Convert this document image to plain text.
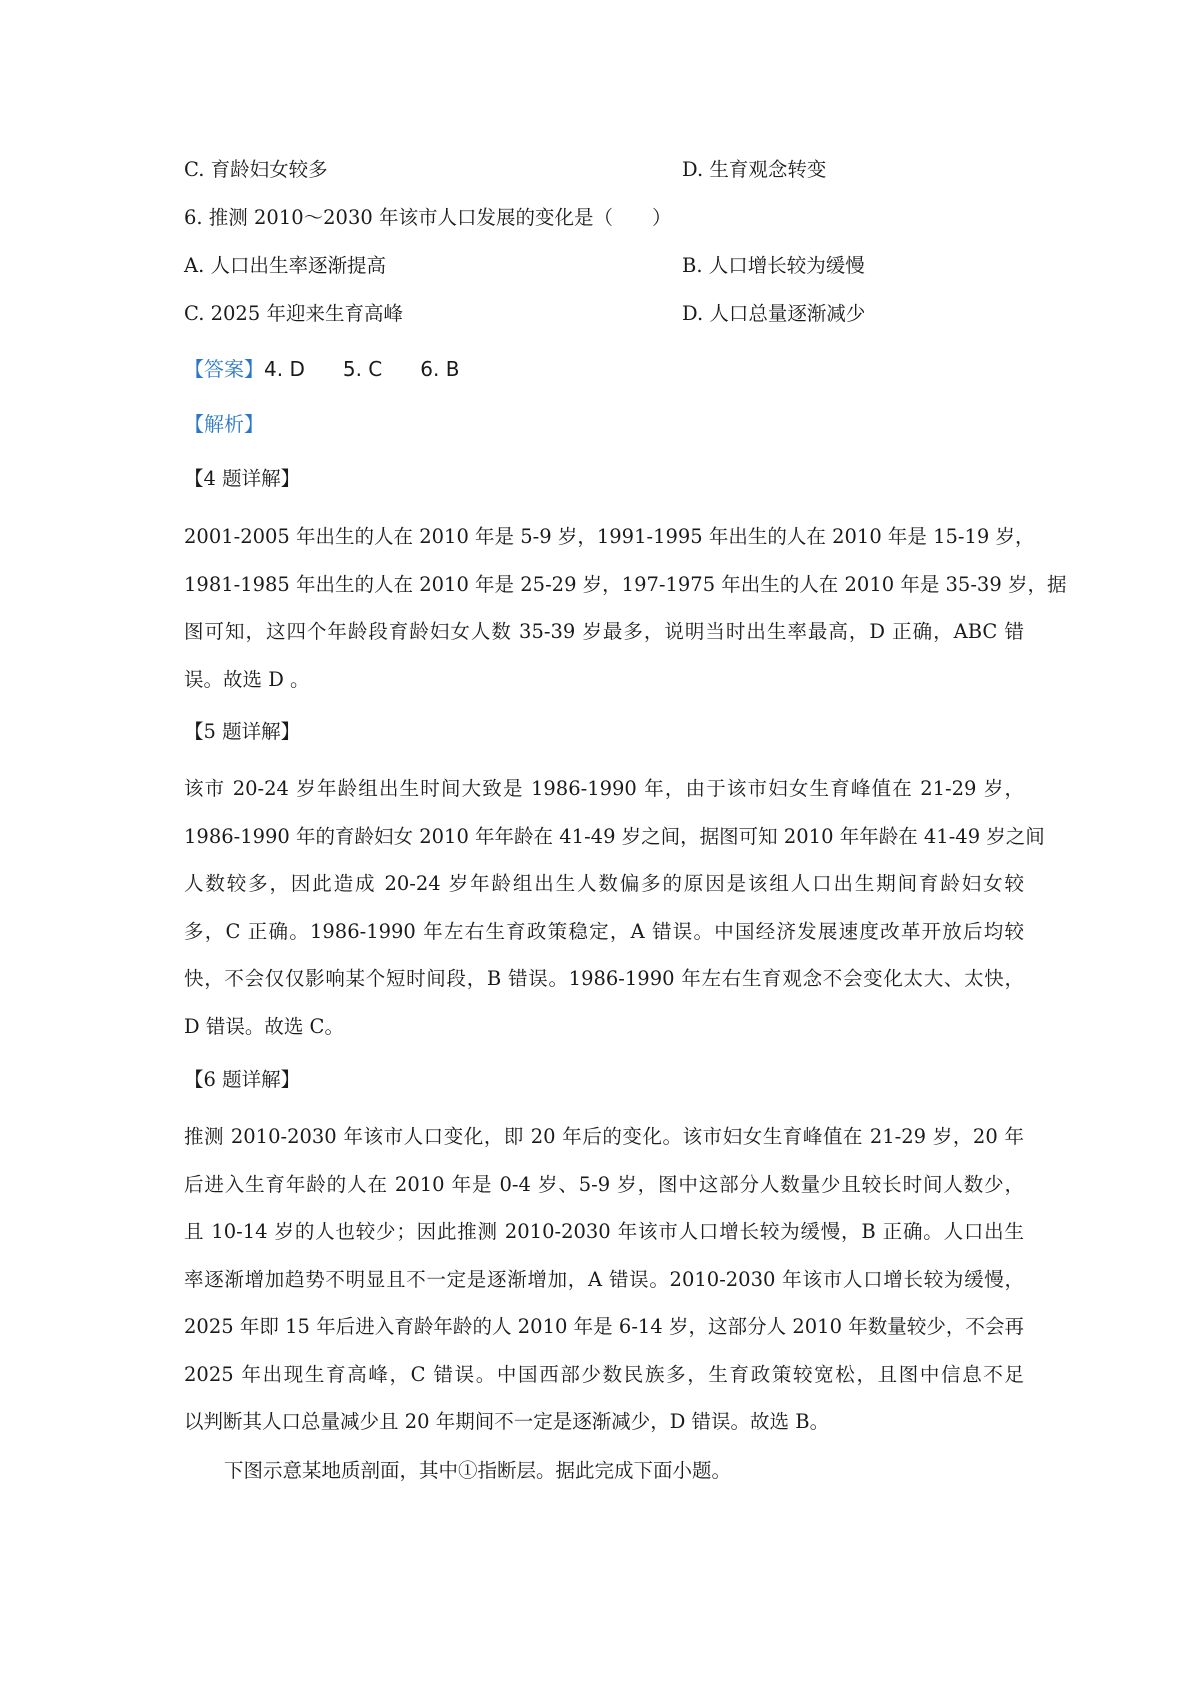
C. 育龄妇女较多	D. 生育观念转变
6. 推测 2010～2030 年该市人口发展的变化是（　　）
A. 人口出生率逐渐提高	B. 人口增长较为缓慢
C. 2025 年迎来生育高峰	D. 人口总量逐渐减少
【答案】4. D 5. C 6. B
【解析】
【4 题详解】
2001-2005 年出生的人在 2010 年是 5-9 岁，1991-1995 年出生的人在 2010 年是 15-19 岁，
1981-1985 年出生的人在 2010 年是 25-29 岁，197-1975 年出生的人在 2010 年是 35-39 岁，据
图可知，这四个年龄段育龄妇女人数 35-39 岁最多，说明当时出生率最高，D 正确，ABC 错
误。故选 D 。
【5 题详解】
该市 20-24 岁年龄组出生时间大致是 1986-1990 年，由于该市妇女生育峰值在 21-29 岁，
1986-1990 年的育龄妇女 2010 年年龄在 41-49 岁之间，据图可知 2010 年年龄在 41-49 岁之间
人数较多，因此造成 20-24 岁年龄组出生人数偏多的原因是该组人口出生期间育龄妇女较
多，C 正确。1986-1990 年左右生育政策稳定，A 错误。中国经济发展速度改革开放后均较
快，不会仅仅影响某个短时间段，B 错误。1986-1990 年左右生育观念不会变化太大、太快，
D 错误。故选 C。
【6 题详解】
推测 2010-2030 年该市人口变化，即 20 年后的变化。该市妇女生育峰值在 21-29 岁，20 年
后进入生育年龄的人在 2010 年是 0-4 岁、5-9 岁，图中这部分人数量少且较长时间人数少，
且 10-14 岁的人也较少；因此推测 2010-2030 年该市人口增长较为缓慢，B 正确。人口出生
率逐渐增加趋势不明显且不一定是逐渐增加，A 错误。2010-2030 年该市人口增长较为缓慢，
2025 年即 15 年后进入育龄年龄的人 2010 年是 6-14 岁，这部分人 2010 年数量较少，不会再
2025 年出现生育高峰，C 错误。中国西部少数民族多，生育政策较宽松，且图中信息不足
以判断其人口总量减少且 20 年期间不一定是逐渐减少，D 错误。故选 B。
下图示意某地质剖面，其中①指断层。据此完成下面小题。
